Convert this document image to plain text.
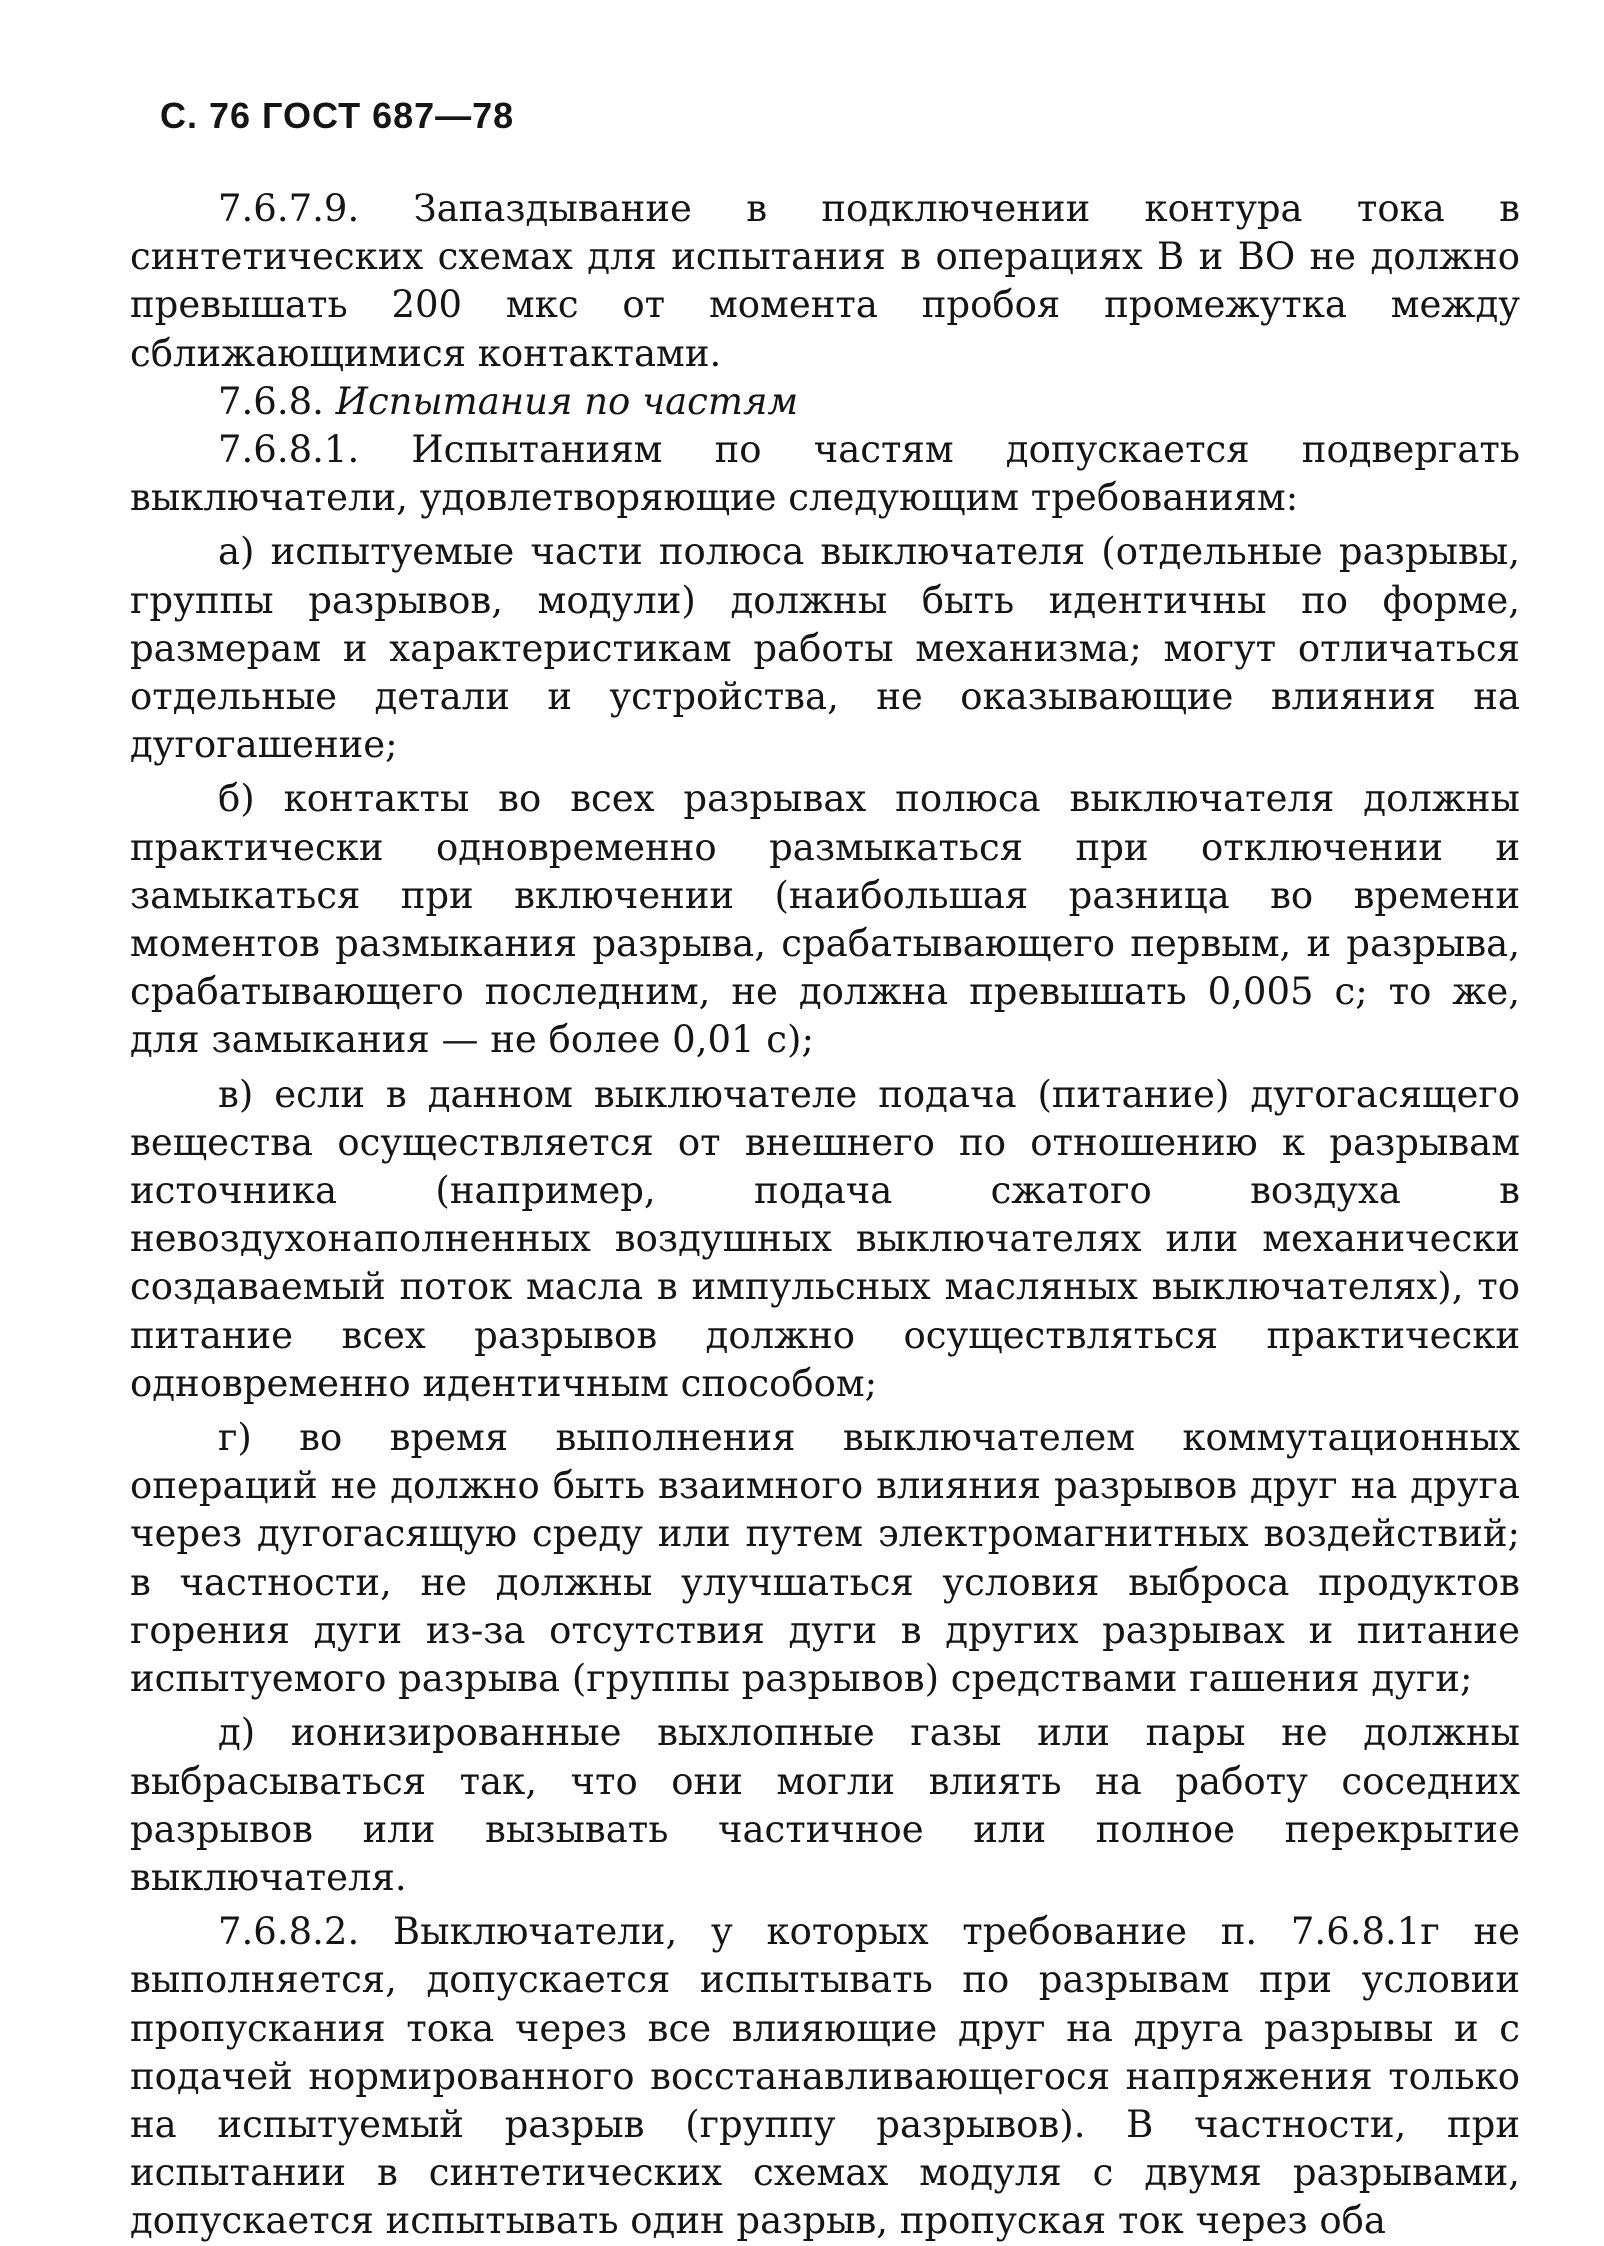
С. 76 ГОСТ 687—78

7.6.7.9. Запаздывание в подключении контура тока в синтетических схемах для испытания в операциях В и ВО не должно превышать 200 мкс от момента пробоя промежутка между сближающимися контактами.

7.6.8. Испытания по частям

7.6.8.1. Испытаниям по частям допускается подвергать выключатели, удовлетворяющие следующим требованиям:

а) испытуемые части полюса выключателя (отдельные разрывы, группы разрывов, модули) должны быть идентичны по форме, размерам и характеристикам работы механизма; могут отличаться отдельные детали и устройства, не оказывающие влияния на дугогашение;

б) контакты во всех разрывах полюса выключателя должны практически одновременно размыкаться при отключении и замыкаться при включении (наибольшая разница во времени моментов размыкания разрыва, срабатывающего первым, и разрыва, срабатывающего последним, не должна превышать 0,005 с; то же, для замыкания — не более 0,01 с);

в) если в данном выключателе подача (питание) дугогасящего вещества осуществляется от внешнего по отношению к разрывам источника (например, подача сжатого воздуха в невоздухонаполненных воздушных выключателях или механически создаваемый поток масла в импульсных масляных выключателях), то питание всех разрывов должно осуществляться практически одновременно идентичным способом;

г) во время выполнения выключателем коммутационных операций не должно быть взаимного влияния разрывов друг на друга через дугогасящую среду или путем электромагнитных воздействий; в частности, не должны улучшаться условия выброса продуктов горения дуги из-за отсутствия дуги в других разрывах и питание испытуемого разрыва (группы разрывов) средствами гашения дуги;

д) ионизированные выхлопные газы или пары не должны выбрасываться так, что они могли влиять на работу соседних разрывов или вызывать частичное или полное перекрытие выключателя.

7.6.8.2. Выключатели, у которых требование п. 7.6.8.1г не выполняется, допускается испытывать по разрывам при условии пропускания тока через все влияющие друг на друга разрывы и с подачей нормированного восстанавливающегося напряжения только на испытуемый разрыв (группу разрывов). В частности, при испытании в синтетических схемах модуля с двумя разрывами, допускается испытывать один разрыв, пропуская ток через оба
